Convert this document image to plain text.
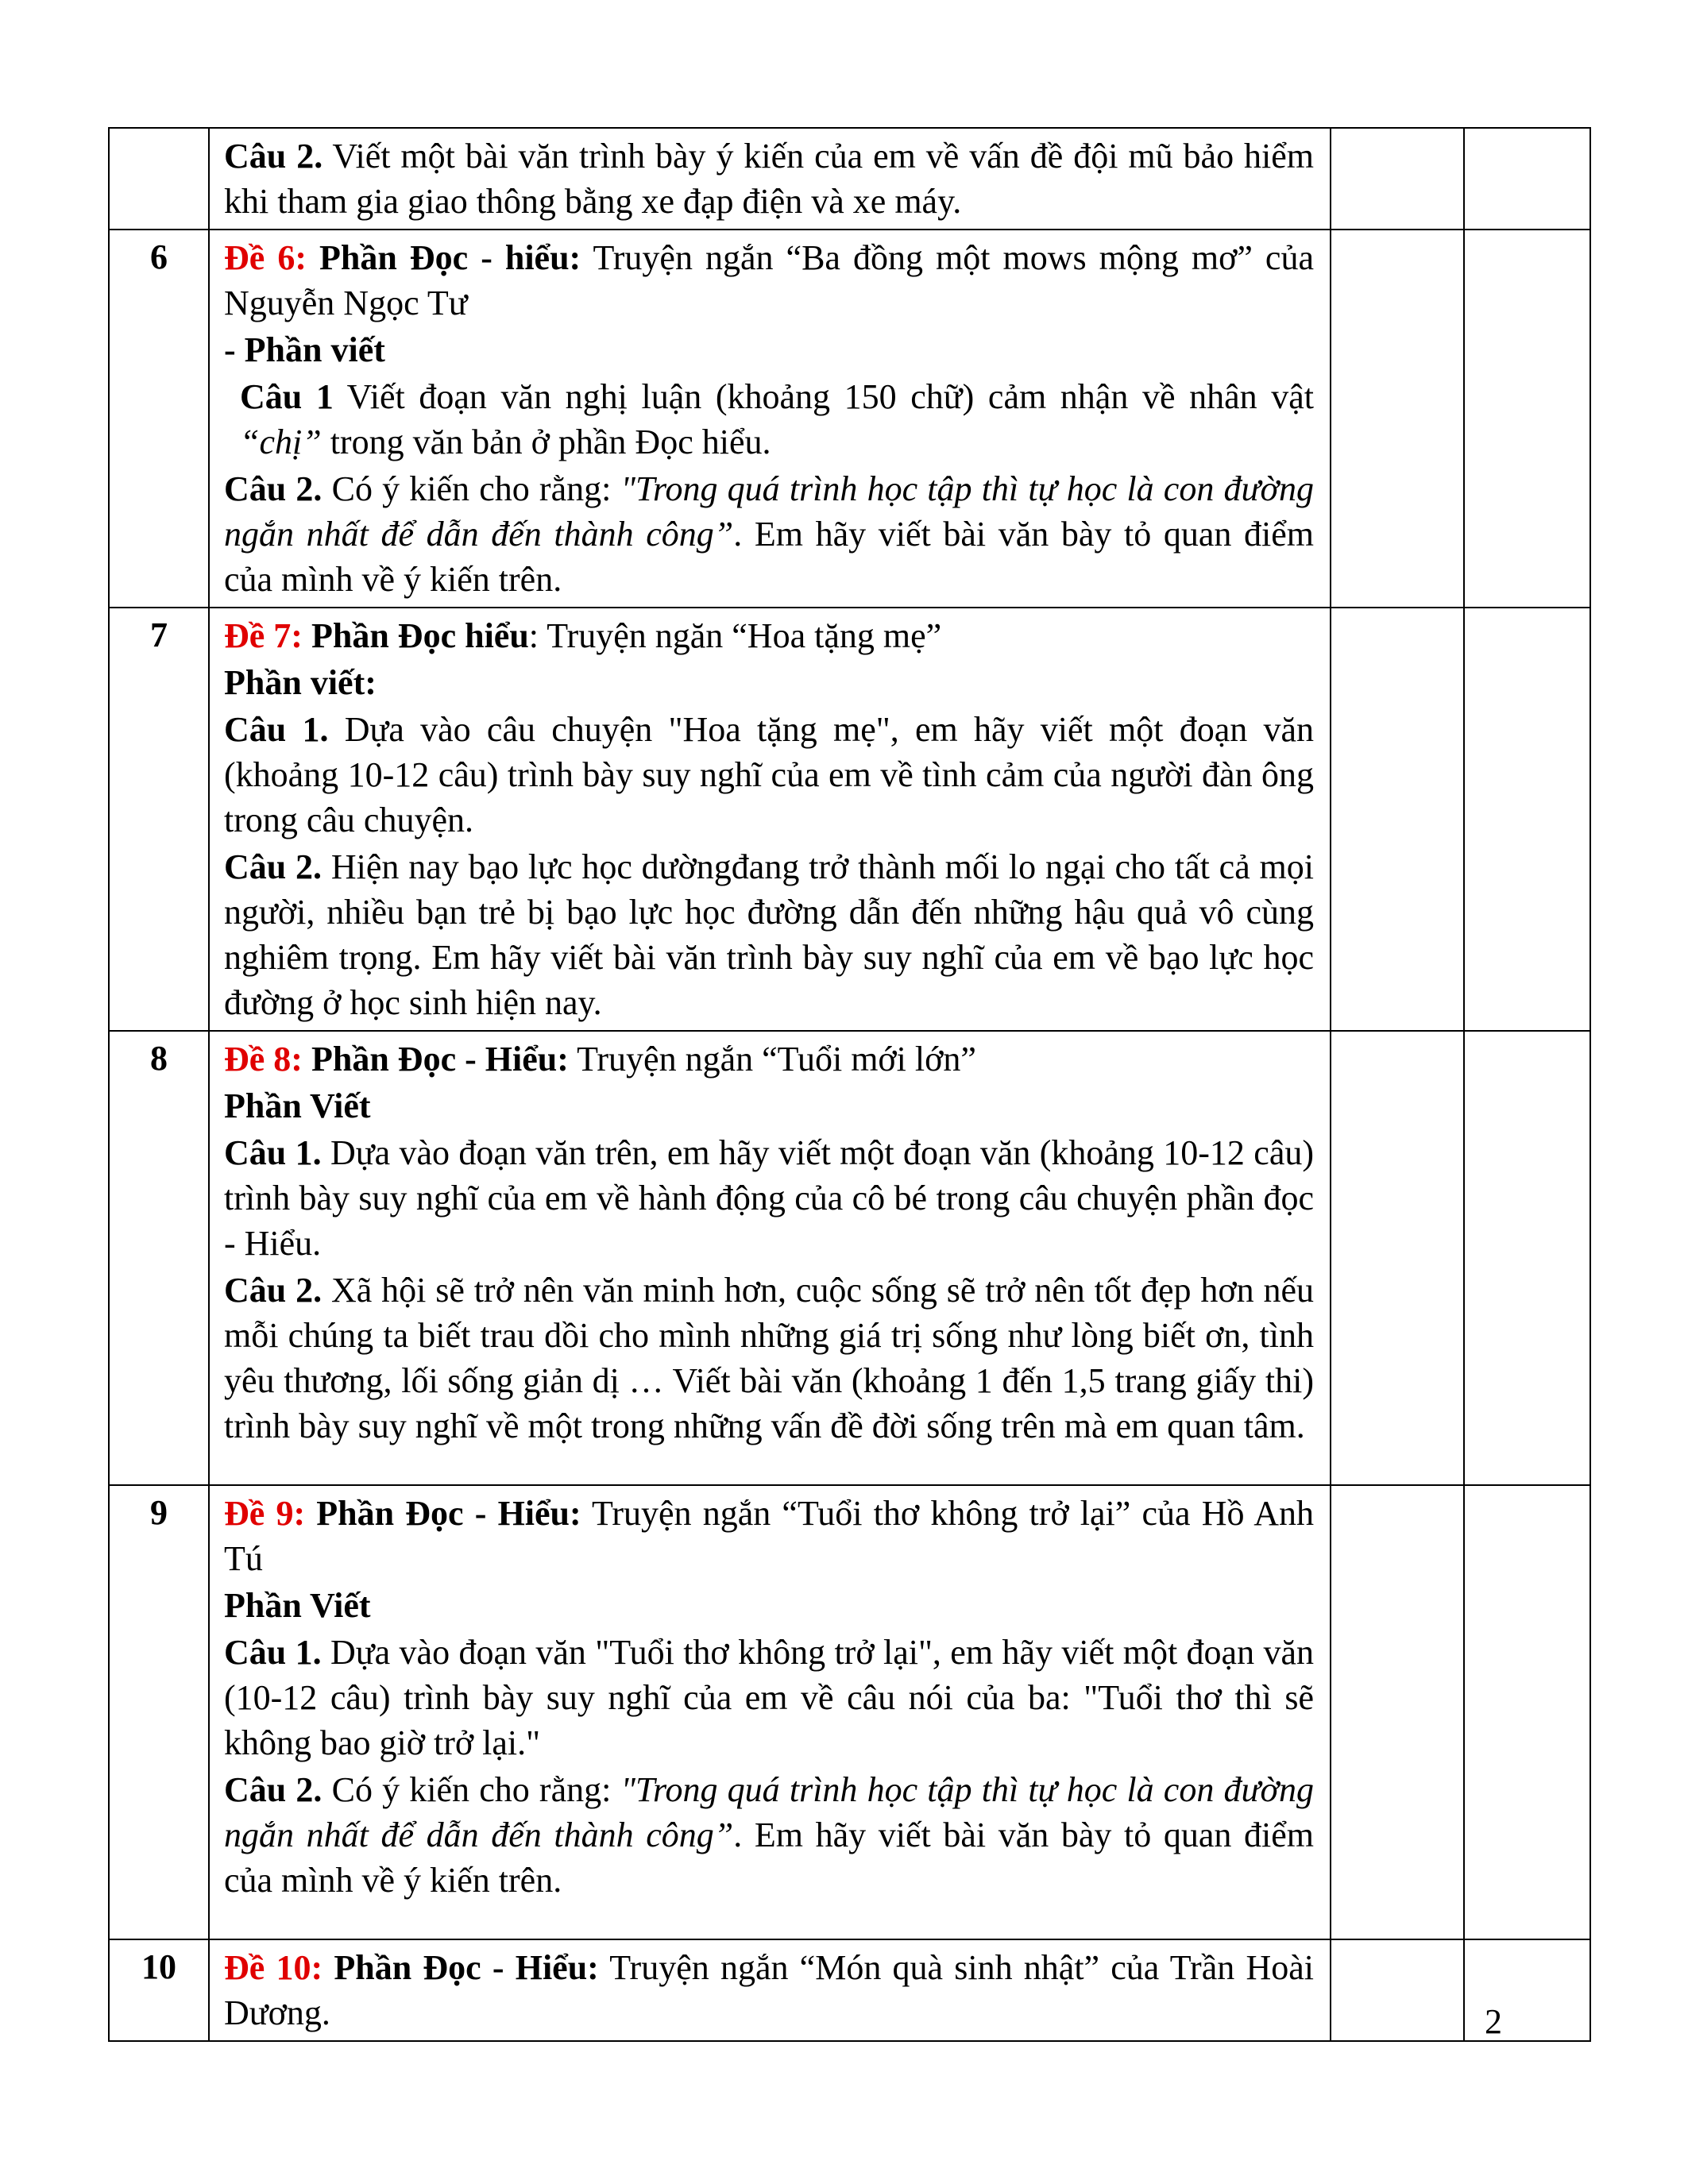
	Câu 2. Viết một bài văn trình bày ý kiến của em về vấn đề đội mũ bảo hiểm khi tham gia giao thông bằng xe đạp điện và xe máy.		

6	Đề 6: Phần Đọc - hiểu: Truyện ngắn “Ba đồng một mows mộng mơ” của Nguyễn Ngọc Tư

- Phần viết

Câu 1 Viết đoạn văn nghị luận (khoảng 150 chữ) cảm nhận về nhân vật “chị” trong văn bản ở phần Đọc hiểu.

Câu 2. Có ý kiến cho rằng: "Trong quá trình học tập thì tự học là con đường ngắn nhất để dẫn đến thành công”. Em hãy viết bài văn bày tỏ quan điểm của mình về ý kiến trên.		

7	Đề 7: Phần Đọc hiểu: Truyện ngăn “Hoa tặng mẹ”

Phần viết:

Câu 1. Dựa vào câu chuyện "Hoa tặng mẹ", em hãy viết một đoạn văn (khoảng 10-12 câu) trình bày suy nghĩ của em về tình cảm của người đàn ông trong câu chuyện.

Câu 2. Hiện nay bạo lực học dườngđang trở thành mối lo ngại cho tất cả mọi người, nhiều bạn trẻ bị bạo lực học đường dẫn đến những hậu quả vô cùng nghiêm trọng. Em hãy viết bài văn trình bày suy nghĩ của em về bạo lực học đường ở học sinh hiện nay.		

8	Đề 8: Phần Đọc - Hiểu: Truyện ngắn “Tuổi mới lớn”

Phần Viết

Câu 1. Dựa vào đoạn văn trên, em hãy viết một đoạn văn (khoảng 10-12 câu) trình bày suy nghĩ của em về hành động của cô bé trong câu chuyện phần đọc - Hiểu.

Câu 2. Xã hội sẽ trở nên văn minh hơn, cuộc sống sẽ trở nên tốt đẹp hơn nếu mỗi chúng ta biết trau dồi cho mình những giá trị sống như lòng biết ơn, tình yêu thương, lối sống giản dị … Viết bài văn (khoảng 1 đến 1,5 trang giấy thi) trình bày suy nghĩ về một trong những vấn đề đời sống trên mà em quan tâm.		

9	Đề 9: Phần Đọc - Hiểu: Truyện ngắn “Tuổi thơ không trở lại” của Hồ Anh Tú

Phần Viết

Câu 1. Dựa vào đoạn văn "Tuổi thơ không trở lại", em hãy viết một đoạn văn (10-12 câu) trình bày suy nghĩ của em về câu nói của ba: "Tuổi thơ thì sẽ không bao giờ trở lại."

Câu 2. Có ý kiến cho rằng: "Trong quá trình học tập thì tự học là con đường ngắn nhất để dẫn đến thành công”. Em hãy viết bài văn bày tỏ quan điểm của mình về ý kiến trên.		

10	Đề 10: Phần Đọc - Hiểu: Truyện ngắn “Món quà sinh nhật” của Trần Hoài Dương.		

			2
